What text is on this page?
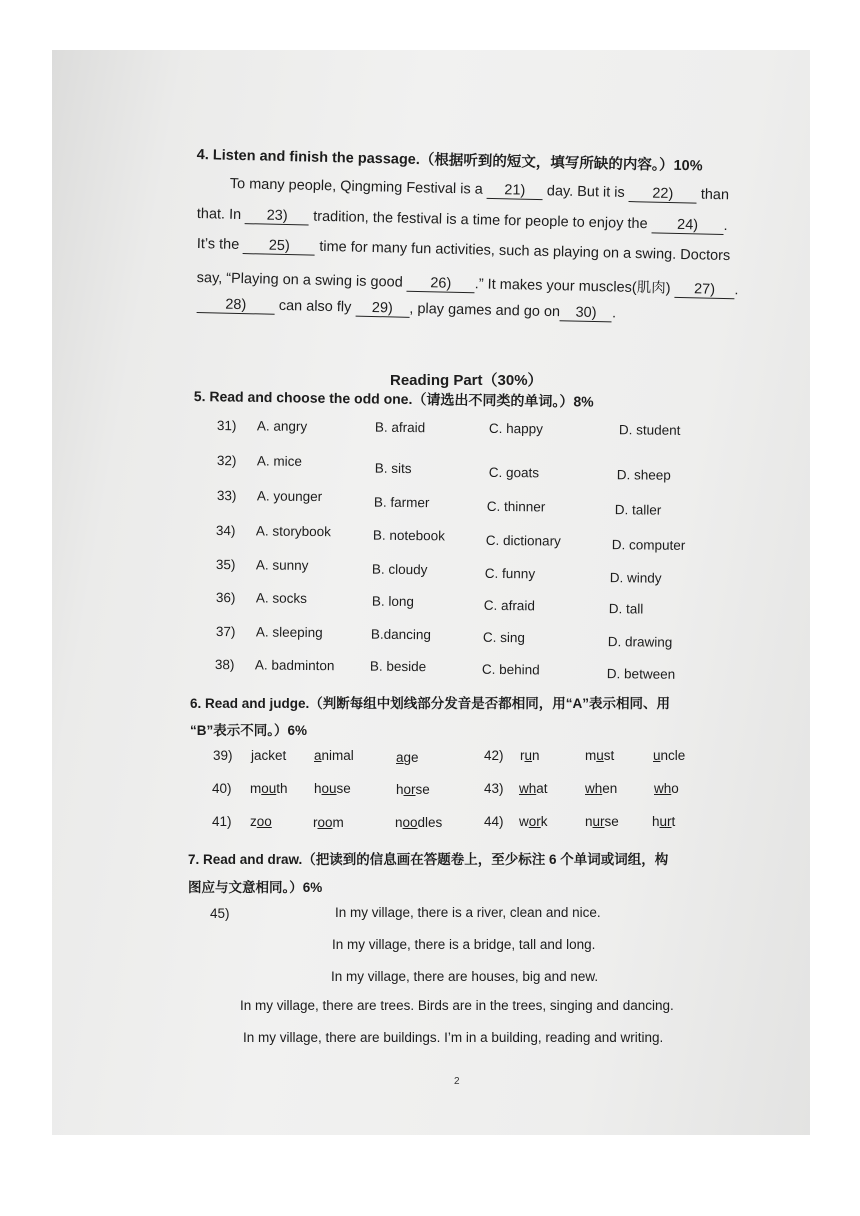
4. Listen and finish the passage.（根据听到的短文，填写所缺的内容。）10%
To many people, Qingming Festival is a 21) day. But it is 22) than
that. In 23) tradition, the festival is a time for people to enjoy the 24) .
It’s the 25) time for many fun activities, such as playing on a swing. Doctors
say, “Playing on a swing is good 26) .” It makes your muscles(肌肉) 27) .
28) can also fly 29) , play games and go on 30) .
Reading Part（30%）
5. Read and choose the odd one.（请选出不同类的单词。）8%
31) A. angry	B. afraid	C. happy	D. student
32) A. mice	B. sits	C. goats	D. sheep
33) A. younger	B. farmer	C. thinner	D. taller
34) A. storybook	B. notebook	C. dictionary	D. computer
35) A. sunny	B. cloudy	C. funny	D. windy
36) A. socks	B. long	C. afraid	D. tall
37) A. sleeping	B.dancing	C. sing	D. drawing
38) A. badminton	B. beside	C. behind	D. between
6. Read and judge.（判断每组中划线部分发音是否都相同，用“A”表示相同、用
“B”表示不同。）6%
39) jacket animal	age	42) run	must	uncle
40) mouth house	horse	43) what	when	who
41) zoo	room	noodles	44) work	nurse hurt
7. Read and draw.（把读到的信息画在答题卷上，至少标注 6 个单词或词组，构
图应与文意相同。）6%
45)	In my village, there is a river, clean and nice.
In my village, there is a bridge, tall and long.
In my village, there are houses, big and new.
In my village, there are trees. Birds are in the trees, singing and dancing.
In my village, there are buildings. I’m in a building, reading and writing.
2
